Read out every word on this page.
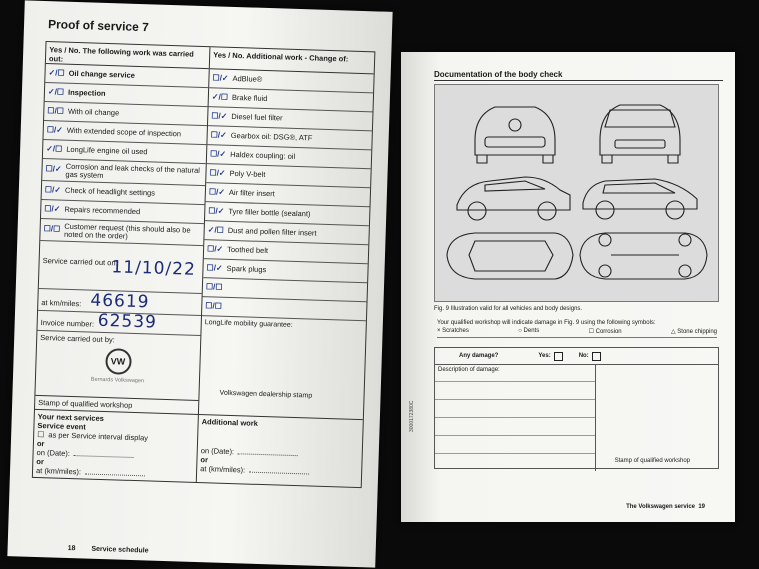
Proof of service 7
Yes / No. The following work was carried out:
✓/☐ Oil change service
✓/☐ Inspection
☐/☐ With oil change
☐/✓ With extended scope of inspection
✓/☐ LongLife engine oil used
☐/✓ Corrosion and leak checks of the natural gas system
☐/✓ Check of headlight settings
☐/✓ Repairs recommended
☐/☐ Customer request (this should also be noted on the order)
Service carried out on:
11/10/22
at km/miles: 46619
Invoice number: 62539
Service carried out by:
VW
Bernards Volkswagen
Stamp of qualified workshop
Yes / No. Additional work - Change of:
☐/✓ AdBlue®
✓/☐ Brake fluid
☐/✓ Diesel fuel filter
☐/✓ Gearbox oil: DSG®, ATF
☐/✓ Haldex coupling: oil
☐/✓ Poly V-belt
☐/✓ Air filter insert
☐/✓ Tyre filler bottle (sealant)
✓/☐ Dust and pollen filter insert
☐/✓ Toothed belt
☐/✓ Spark plugs
☐/☐
☐/☐
LongLife mobility guarantee:
Volkswagen dealership stamp
Your next services
Service event
☐ as per Service interval display
or
on (Date):
or
at (km/miles):
Additional work
on (Date):
or
at (km/miles):
18 Service schedule
Documentation of the body check
Fig. 9 Illustration valid for all vehicles and body designs.
Your qualified workshop will indicate damage in Fig. 9 using the following symbols:
× Scratches	○ Dents	☐ Corrosion	△ Stone chipping
Any damage?	Yes:	No:
Description of damage:
Stamp of qualified workshop
3000172380C
The Volkswagen service 19
